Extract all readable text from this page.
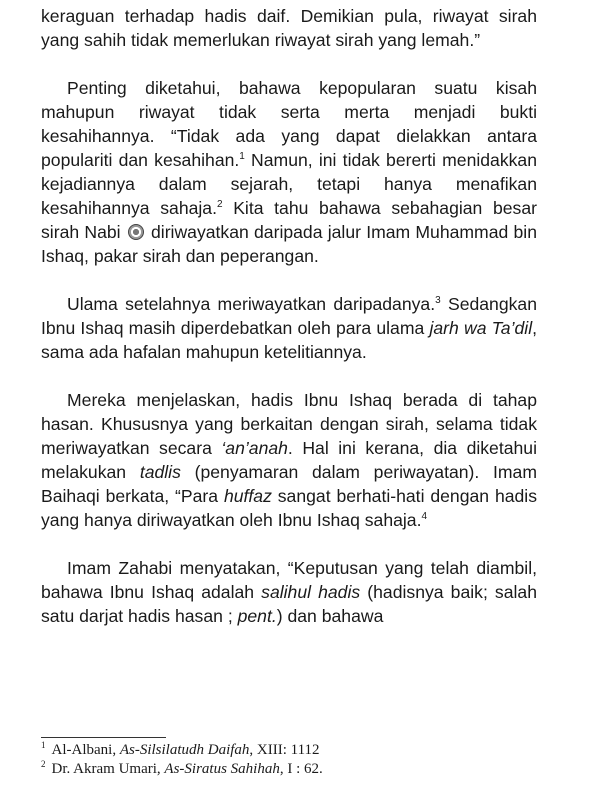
keraguan terhadap hadis daif. Demikian pula, riwayat sirah yang sahih tidak memerlukan riwayat sirah yang lemah.”

Penting diketahui, bahawa kepopularan suatu kisah mahupun riwayat tidak serta merta menjadi bukti kesahihannya. “Tidak ada yang dapat dielakkan antara populariti dan kesahihan.$^1$ Namun, ini tidak bererti menidakkan kejadiannya dalam sejarah, tetapi hanya menafikan kesahihannya sahaja.$^2$ Kita tahu bahawa sebahagian besar sirah Nabi  diriwayatkan daripada jalur Imam Muhammad bin Ishaq, pakar sirah dan peperangan.

Ulama setelahnya meriwayatkan daripadanya.$^3$ Sedangkan Ibnu Ishaq masih diperdebatkan oleh para ulama jarh wa Ta’dil, sama ada hafalan mahupun ketelitiannya.

Mereka menjelaskan, hadis Ibnu Ishaq berada di tahap hasan. Khususnya yang berkaitan dengan sirah, selama tidak meriwayatkan secara ‘an’anah. Hal ini kerana, dia diketahui melakukan tadlis (penyamaran dalam periwayatan). Imam Baihaqi berkata, “Para huffaz sangat berhati-hati dengan hadis yang hanya diriwayatkan oleh Ibnu Ishaq sahaja.$^4$

Imam Zahabi menyatakan, “Keputusan yang telah diambil, bahawa Ibnu Ishaq adalah salihul hadis (hadisnya baik; salah satu darjat hadis hasan ; pent.) dan bahawa

$^1$ Al-Albani, As-Silsilatudh Daifah, XIII: 1112

$^2$ Dr. Akram Umari, As-Siratus Sahihah, I : 62.
